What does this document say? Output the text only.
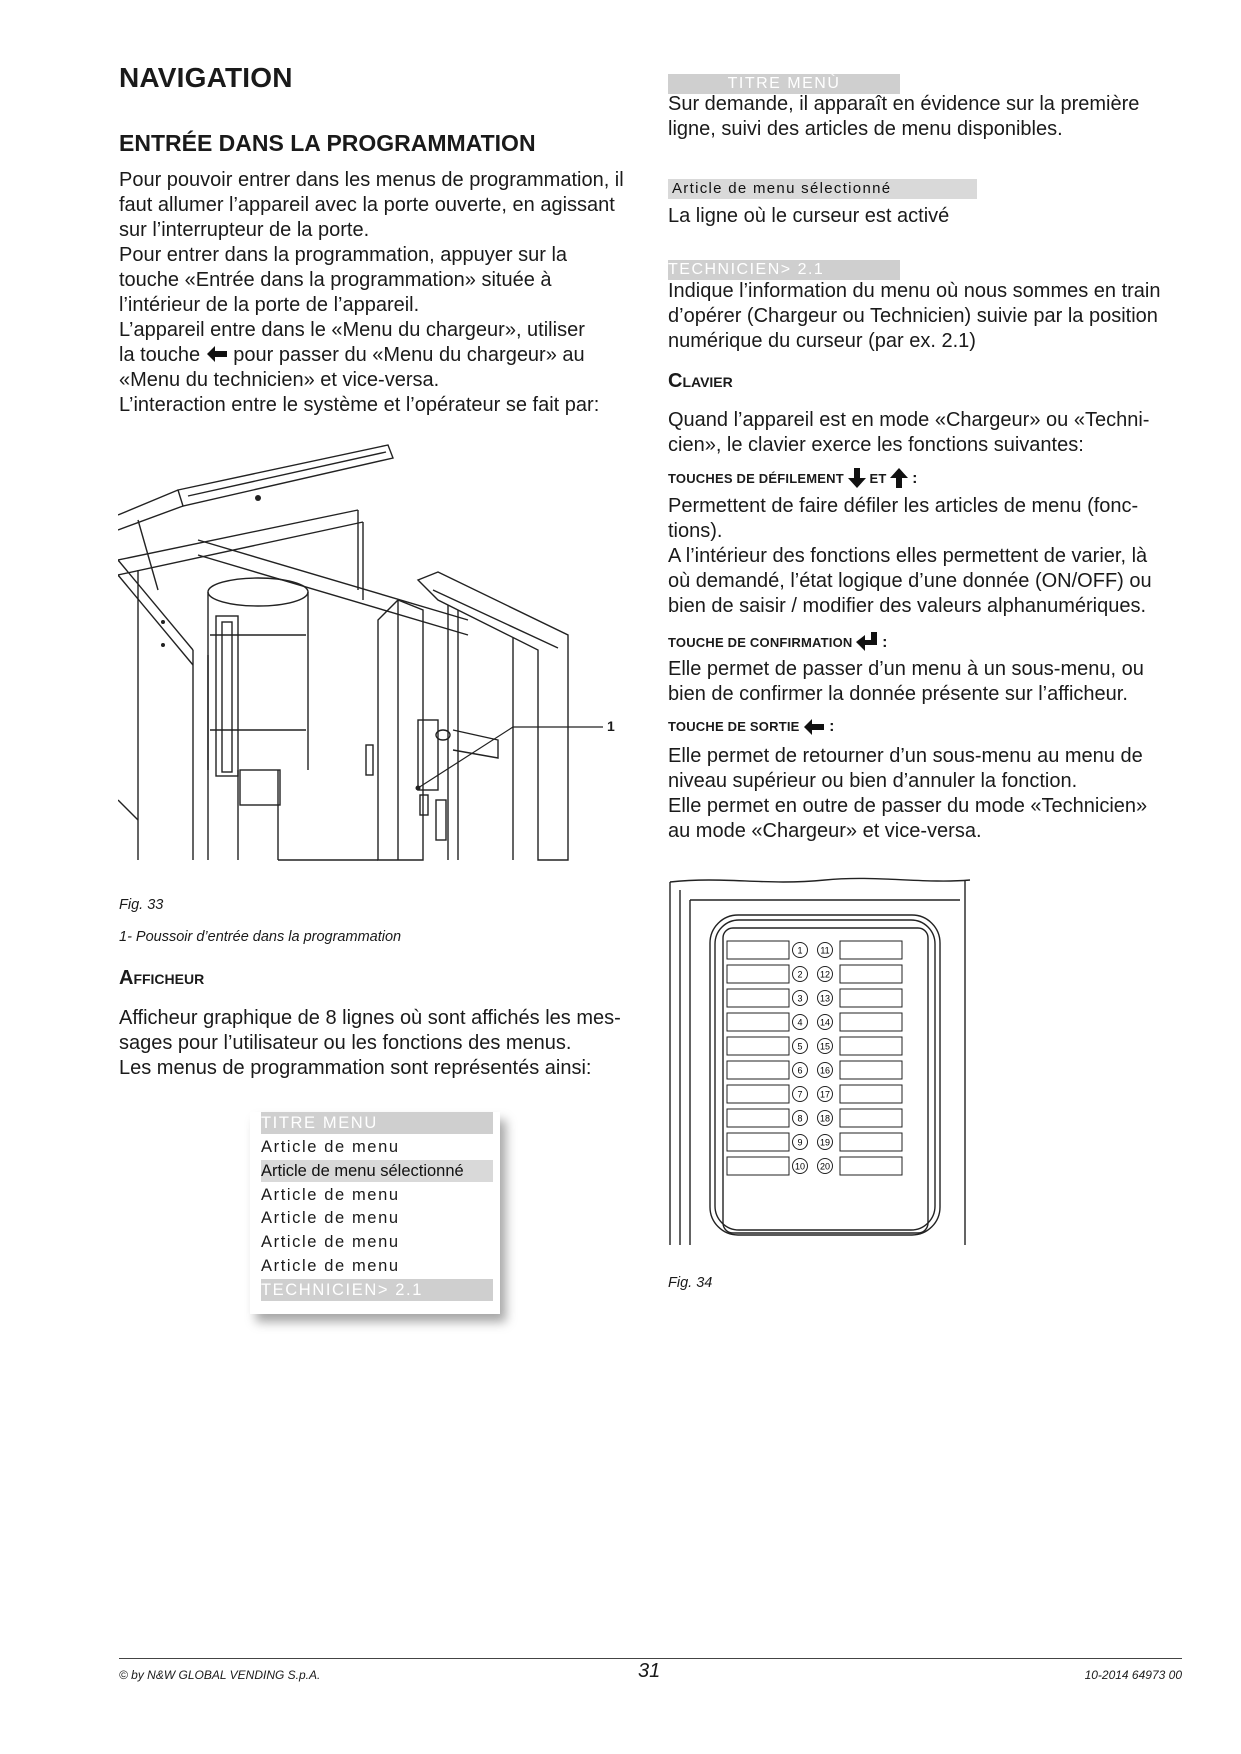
NAVIGATION
ENTRÉE DANS LA PROGRAMMATION
Pour pouvoir entrer dans les menus de programmation, il
faut allumer l’appareil avec la porte ouverte, en agissant
sur l’interrupteur de la porte.
Pour entrer dans la programmation, appuyer sur la
touche «Entrée dans la programmation» située à
l’intérieur de la porte de l’appareil.
L’appareil entre dans le «Menu du chargeur», utiliser
la touche pour passer du «Menu du chargeur» au
«Menu du technicien» et vice-versa.
L’interaction entre le système et l’opérateur se fait par:
1
Fig. 33
1- Poussoir d’entrée dans la programmation
Afficheur
Afficheur graphique de 8 lignes où sont affichés les mes-
sages pour l’utilisateur ou les fonctions des menus.
Les menus de programmation sont représentés ainsi:
TITRE MENU
Article de menu
Article de menu sélectionné
Article de menu
Article de menu
Article de menu
Article de menu
TECHNICIEN> 2.1
TITRE MENÙ
Sur demande, il apparaît en évidence sur la première
ligne, suivi des articles de menu disponibles.
Article de menu sélectionné
La ligne où le curseur est activé
TECHNICIEN> 2.1
Indique l’information du menu où nous sommes en train
d’opérer (Chargeur ou Technicien) suivie par la position
numérique du curseur (par ex. 2.1)
Clavier
Quand l’appareil est en mode «Chargeur» ou «Techni-
cien», le clavier exerce les fonctions suivantes:
TOUCHES DE DÉFILEMENT ET :
Permettent de faire défiler les articles de menu (fonc-
tions).
A l’intérieur des fonctions elles permettent de varier, là
où demandé, l’état logique d’une donnée (ON/OFF) ou
bien de saisir / modifier des valeurs alphanumériques.
TOUCHE DE CONFIRMATION :
Elle permet de passer d’un menu à un sous-menu, ou
bien de confirmer la donnée présente sur l’afficheur.
TOUCHE DE SORTIE :
Elle permet de retourner d’un sous-menu au menu de
niveau supérieur ou bien d’annuler la fonction.
Elle permet en outre de passer du mode «Technicien»
au mode «Chargeur» et vice-versa.
1 11
2 12
3 13
4 14
5 15
6 16
7 17
8 18
9 19
10 20
Fig. 34
© by N&W GLOBAL VENDING S.p.A.	31	10-2014 64973 00
